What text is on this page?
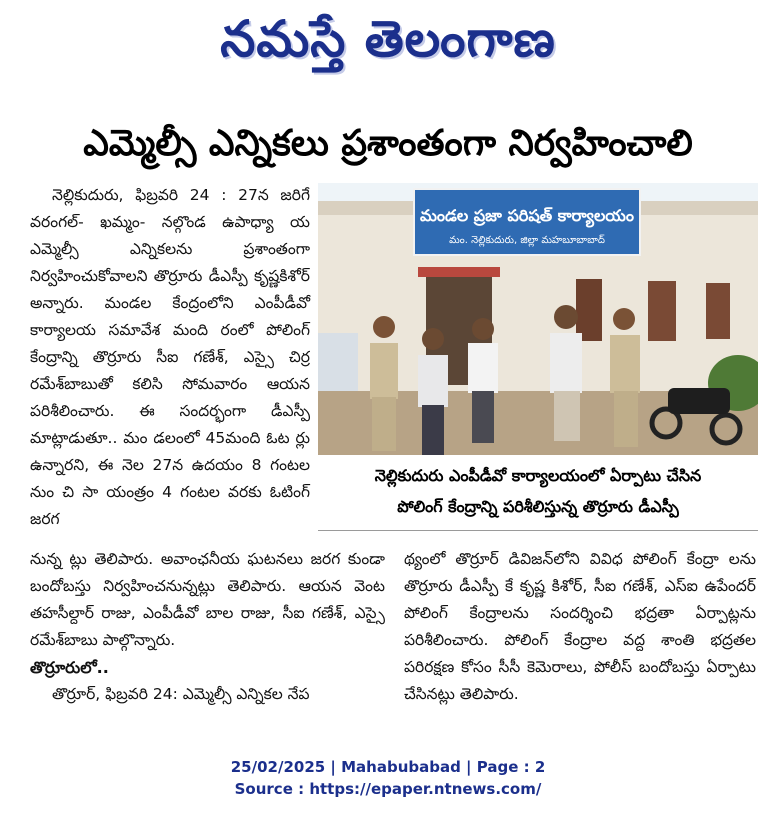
నమస్తే తెలంగాణ
ఎమ్మెల్సీ ఎన్నికలు ప్రశాంతంగా నిర్వహించాలి

నెల్లికుదురు, ఫిబ్రవరి 24 : 27న జరిగే వరంగల్- ఖమ్మం- నల్గొండ ఉపాధ్యా య ఎమ్మెల్సీ ఎన్నికలను ప్రశాంతంగా నిర్వహించుకోవాలని తొర్రూరు డీఎస్పీ కృష్ణకిశోర్ అన్నారు. మండల కేంద్రంలోని ఎంపీడీవో కార్యాలయ సమావేశ మంది రంలో పోలింగ్ కేంద్రాన్ని తొర్రూరు సీఐ గణేశ్, ఎస్సై చిర్ర రమేశ్‌బాబుతో కలిసి సోమవారం ఆయన పరిశీలించారు. ఈ సందర్భంగా డీఎస్పీ మాట్లాడుతూ.. మం డలంలో 45మంది ఓట ర్లు ఉన్నారని, ఈ నెల 27న ఉదయం 8 గంటల నుం చి సా యంత్రం 4 గంటల వరకు ఓటింగ్ జరగ

మండల ప్రజా పరిషత్ కార్యాలయం
మం. నెల్లికుదురు, జిల్లా మహబూబాబాద్
నెల్లికుదురు ఎంపీడీవో కార్యాలయంలో ఏర్పాటు చేసిన
పోలింగ్ కేంద్రాన్ని పరిశీలిస్తున్న తొర్రూరు డీఎస్పీ

నున్న ట్లు తెలిపారు. అవాంఛనీయ ఘటనలు జరగ కుండా బందోబస్తు నిర్వహించనున్నట్లు తెలిపారు. ఆయన వెంట తహసీల్దార్ రాజు, ఎంపీడీవో బాల రాజు, సీఐ గణేశ్, ఎస్సై రమేశ్‌బాబు పాల్గొన్నారు.

తొర్రూరులో..

తొర్రూర్, ఫిబ్రవరి 24: ఎమ్మెల్సీ ఎన్నికల నేప

థ్యంలో తొర్రూర్ డివిజన్‌లోని వివిధ పోలింగ్ కేంద్రా లను తొర్రూరు డీఎస్పీ కే కృష్ణ కిశోర్, సీఐ గణేశ్, ఎస్ఐ ఉపేందర్ పోలింగ్ కేంద్రాలను సందర్శించి భద్రతా ఏర్పాట్లను పరిశీలించారు. పోలింగ్ కేంద్రాల వద్ద శాంతి భద్రతల పరిరక్షణ కోసం సీసీ కెమెరాలు, పోలీస్ బందోబస్తు ఏర్పాటు చేసినట్లు తెలిపారు.

25/02/2025 | Mahabubabad | Page : 2
Source : https://epaper.ntnews.com/
